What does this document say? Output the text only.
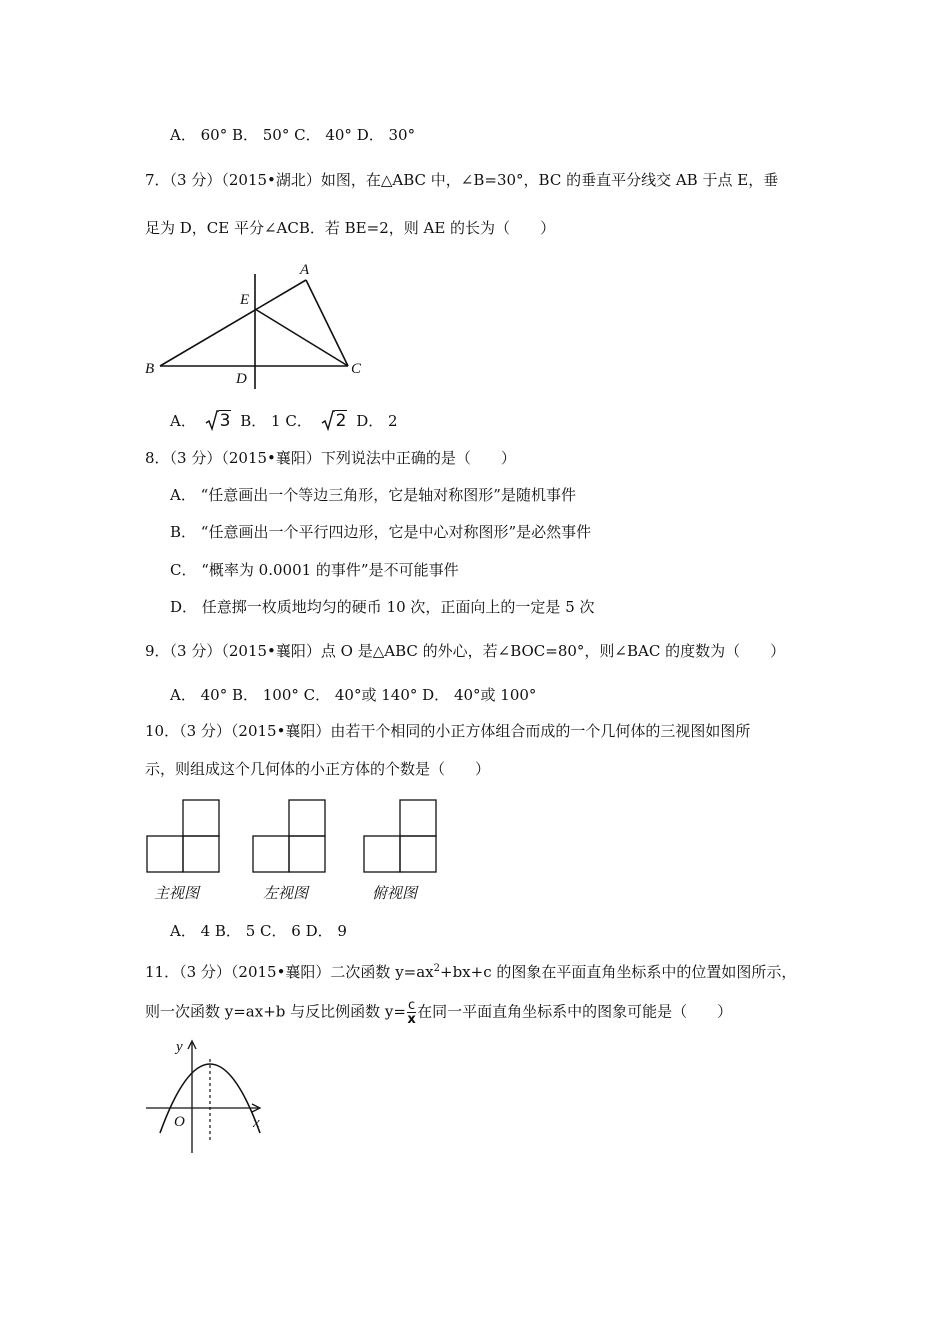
A． 60° B． 50° C． 40° D． 30°
7．（3 分）（2015•湖北）如图，在△ABC 中，∠B=30°，BC 的垂直平分线交 AB 于点 E，垂
足为 D，CE 平分∠ACB．若 BE=2，则 AE 的长为（　　）
A
E
B	C
D
A． 3 B． 1 C． 2 D． 2
8．（3 分）（2015•襄阳）下列说法中正确的是（　　）
A． “任意画出一个等边三角形，它是轴对称图形”是随机事件
B． “任意画出一个平行四边形，它是中心对称图形”是必然事件
C． “概率为 0.0001 的事件”是不可能事件
D． 任意掷一枚质地均匀的硬币 10 次，正面向上的一定是 5 次
9．（3 分）（2015•襄阳）点 O 是△ABC 的外心，若∠BOC=80°，则∠BAC 的度数为（　　）
A． 40° B． 100° C． 40°或 140° D． 40°或 100°
10．（3 分）（2015•襄阳）由若干个相同的小正方体组合而成的一个几何体的三视图如图所
示，则组成这个几何体的小正方体的个数是（　　）
主视图	左视图	俯视图
A． 4 B． 5 C． 6 D． 9
11．（3 分）（2015•襄阳）二次函数 $y=ax^2+bx+c$ 的图象在平面直角坐标系中的位置如图所示，
则一次函数 y=ax+b 与反比例函数 $y= \frac{c}{x}$ 在同一平面直角坐标系中的图象可能是（　　）
y
x
O
